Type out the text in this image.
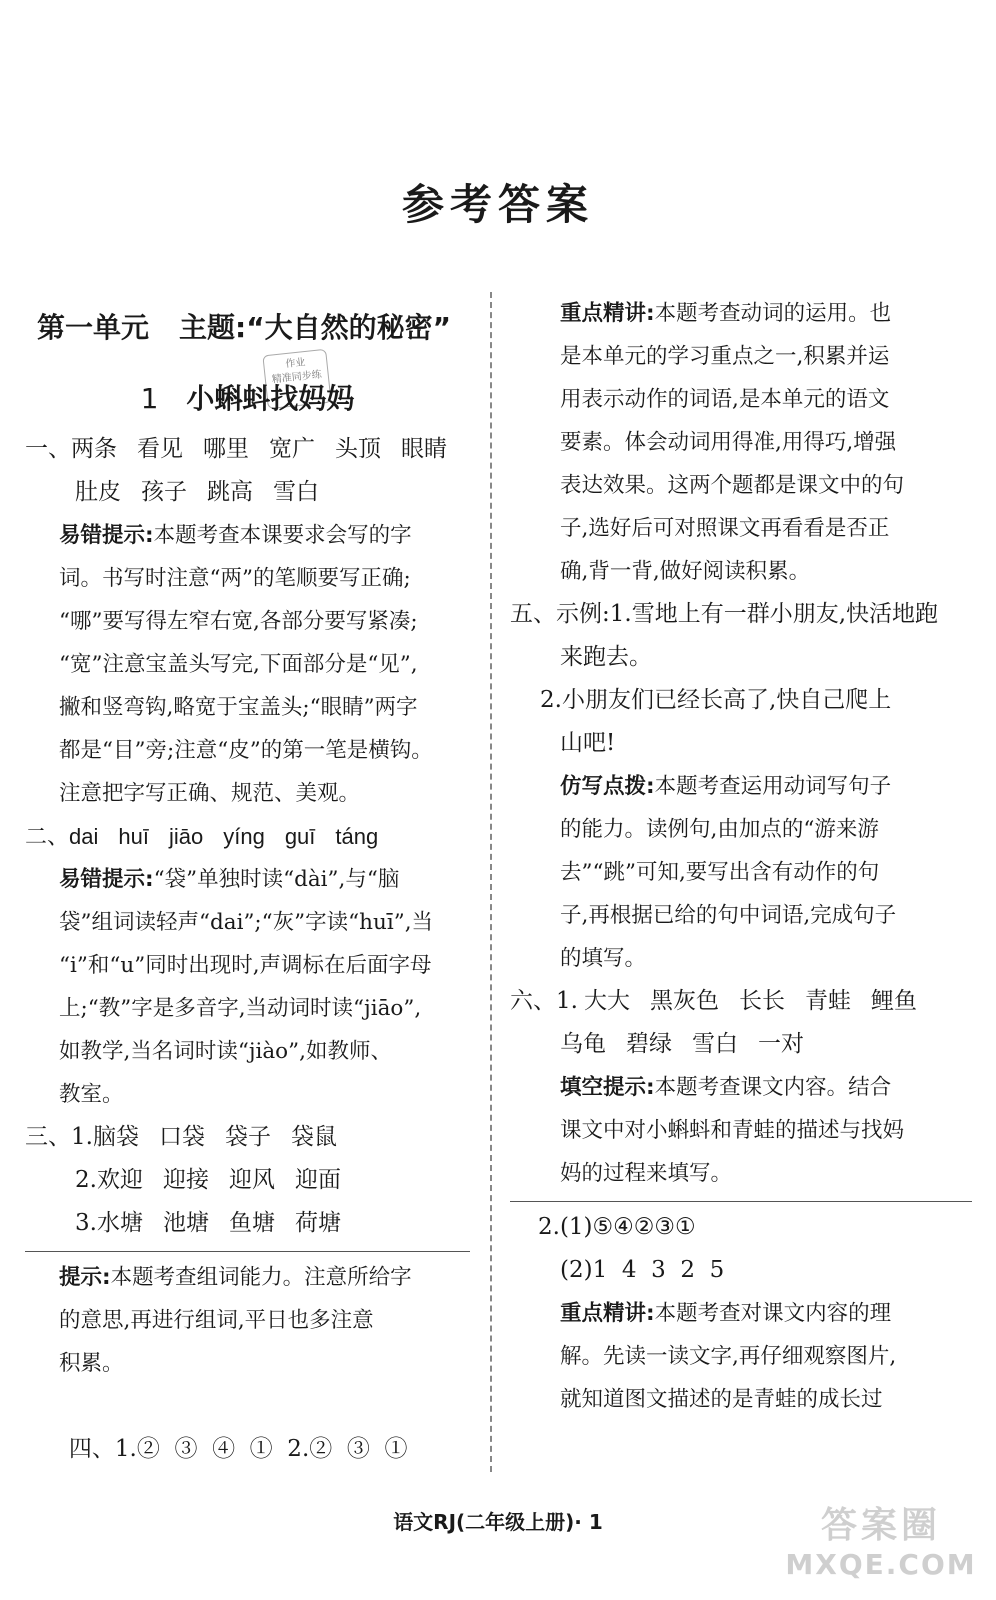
参考答案
作业
精准同步练
第一单元 主题:“大自然的秘密”
1 小蝌蚪找妈妈
一、两条 看见 哪里 宽广 头顶 眼睛
肚皮 孩子 跳高 雪白
易错提示:本题考查本课要求会写的字
词。书写时注意“两”的笔顺要写正确;
“哪”要写得左窄右宽,各部分要写紧凑;
“宽”注意宝盖头写完,下面部分是“见”,
撇和竖弯钩,略宽于宝盖头;“眼睛”两字
都是“目”旁;注意“皮”的第一笔是横钩。
注意把字写正确、规范、美观。
二、dai huī jiāo yíng guī táng
易错提示:“袋”单独时读“dài”,与“脑
袋”组词读轻声“dai”;“灰”字读“huī”,当
“i”和“u”同时出现时,声调标在后面字母
上;“教”字是多音字,当动词时读“jiāo”,
如教学,当名词时读“jiào”,如教师、
教室。
三、1.脑袋 口袋 袋子 袋鼠
2.欢迎 迎接 迎风 迎面
3.水塘 池塘 鱼塘 荷塘
提示:本题考查组词能力。注意所给字
的意思,再进行组词,平日也多注意
积累。

四、1.②  ③  ④  ①  2.②  ③  ①

重点精讲:本题考查动词的运用。也
是本单元的学习重点之一,积累并运
用表示动作的词语,是本单元的语文
要素。体会动词用得准,用得巧,增强
表达效果。这两个题都是课文中的句
子,选好后可对照课文再看看是否正
确,背一背,做好阅读积累。
五、示例:1.雪地上有一群小朋友,快活地跑
来跑去。
2.小朋友们已经长高了,快自己爬上
山吧!
仿写点拨:本题考查运用动词写句子
的能力。读例句,由加点的“游来游
去”“跳”可知,要写出含有动作的句
子,再根据已给的句中词语,完成句子
的填写。
六、1. 大大 黑灰色 长长 青蛙 鲤鱼
乌龟 碧绿 雪白 一对
填空提示:本题考查课文内容。结合
课文中对小蝌蚪和青蛙的描述与找妈
妈的过程来填写。
2.(1)⑤④②③①
(2)1  4  3  2  5
重点精讲:本题考查对课文内容的理
解。先读一读文字,再仔细观察图片,
就知道图文描述的是青蛙的成长过
语文RJ(二年级上册)· 1	答案圈
MXQE.COM
